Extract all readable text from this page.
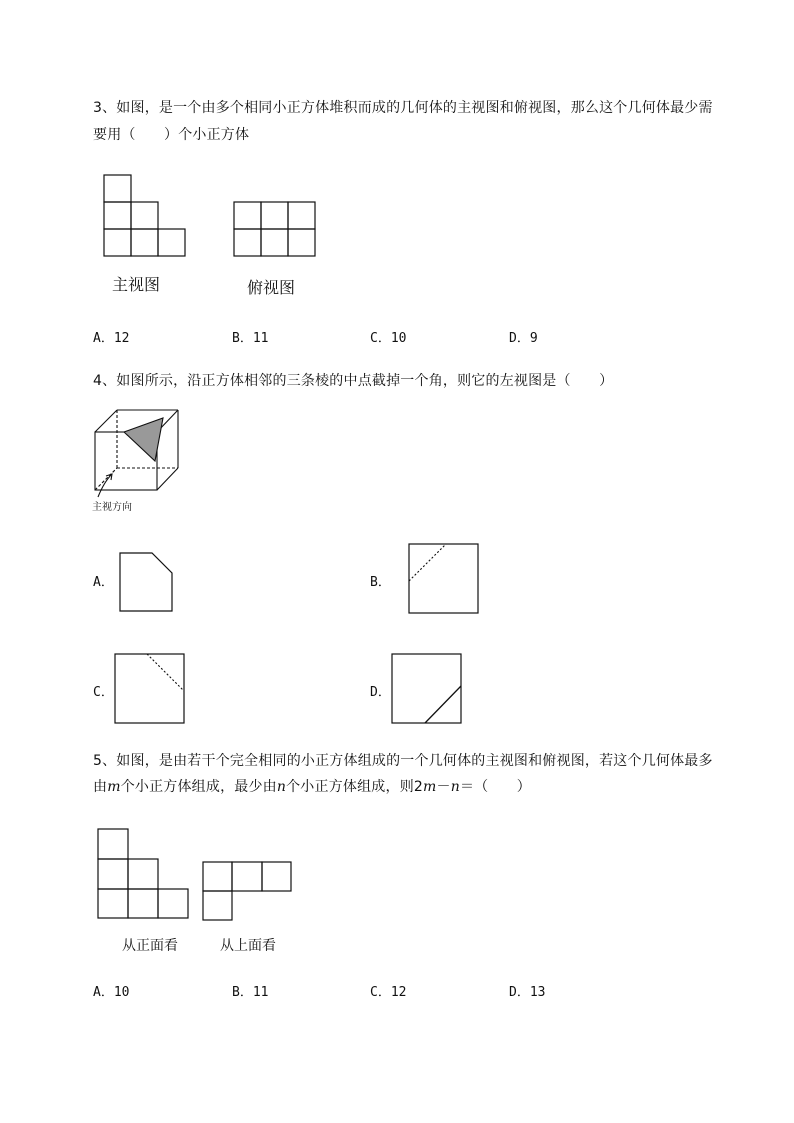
3、如图，是一个由多个相同小正方体堆积而成的几何体的主视图和俯视图，那么这个几何体最少需
要用（　　）个小正方体
主视图	俯视图
A．12	B．11	C．10	D．9
4、如图所示，沿正方体相邻的三条棱的中点截掉一个角，则它的左视图是（　　）
主视方向
A．	B．
C．	D．
5、如图，是由若干个完全相同的小正方体组成的一个几何体的主视图和俯视图，若这个几何体最多
由m个小正方体组成，最少由n个小正方体组成，则2m－n＝（　　）
从正面看	从上面看
A．10	B．11	C．12	D．13
